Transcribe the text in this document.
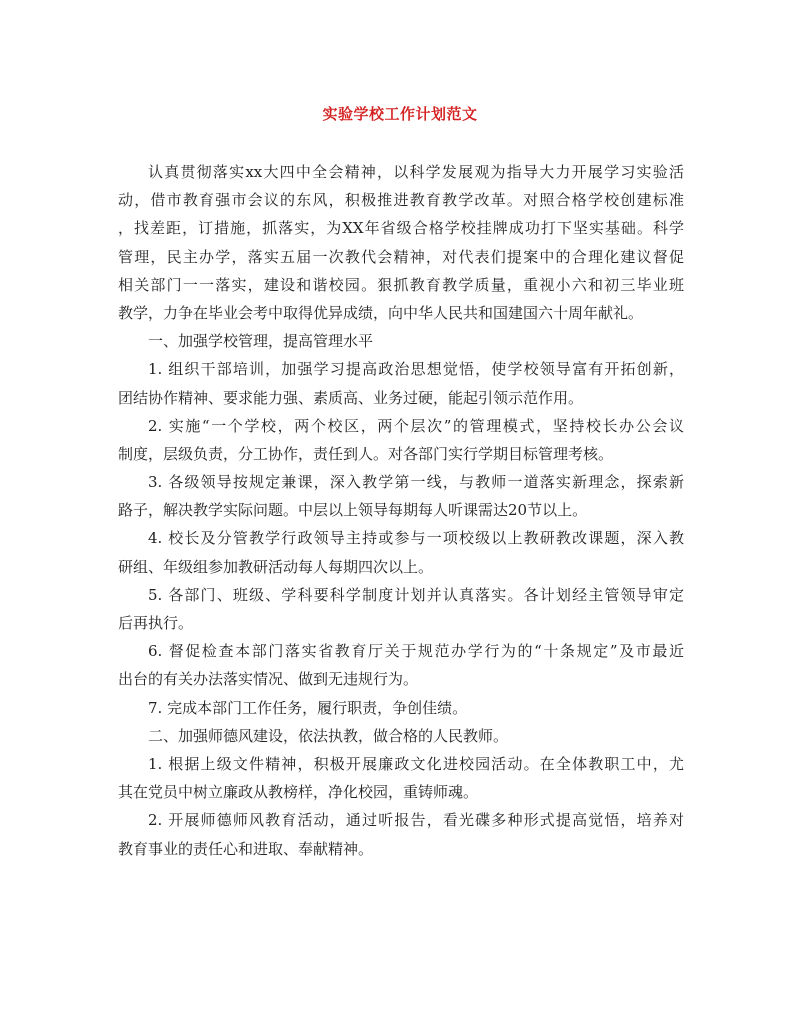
实验学校工作计划范文
认真贯彻落实xx大四中全会精神，以科学发展观为指导大力开展学习实验活
动，借市教育强市会议的东风，积极推进教育教学改革。对照合格学校创建标准
，找差距，订措施，抓落实，为XX年省级合格学校挂牌成功打下坚实基础。科学
管理，民主办学，落实五届一次教代会精神，对代表们提案中的合理化建议督促
相关部门一一落实，建设和谐校园。狠抓教育教学质量，重视小六和初三毕业班
教学，力争在毕业会考中取得优异成绩，向中华人民共和国建国六十周年献礼。
一、加强学校管理，提高管理水平
1. 组织干部培训，加强学习提高政治思想觉悟，使学校领导富有开拓创新，
团结协作精神、要求能力强、素质高、业务过硬，能起引领示范作用。
2. 实施“一个学校，两个校区，两个层次”的管理模式，坚持校长办公会议
制度，层级负责，分工协作，责任到人。对各部门实行学期目标管理考核。
3. 各级领导按规定兼课，深入教学第一线，与教师一道落实新理念，探索新
路子，解决教学实际问题。中层以上领导每期每人听课需达20节以上。
4. 校长及分管教学行政领导主持或参与一项校级以上教研教改课题，深入教
研组、年级组参加教研活动每人每期四次以上。
5. 各部门、班级、学科要科学制度计划并认真落实。各计划经主管领导审定
后再执行。
6. 督促检查本部门落实省教育厅关于规范办学行为的“十条规定”及市最近
出台的有关办法落实情况、做到无违规行为。
7. 完成本部门工作任务，履行职责，争创佳绩。
二、加强师德风建设，依法执教，做合格的人民教师。
1. 根据上级文件精神，积极开展廉政文化进校园活动。在全体教职工中，尤
其在党员中树立廉政从教榜样，净化校园，重铸师魂。
2. 开展师德师风教育活动，通过听报告，看光碟多种形式提高觉悟，培养对
教育事业的责任心和进取、奉献精神。
